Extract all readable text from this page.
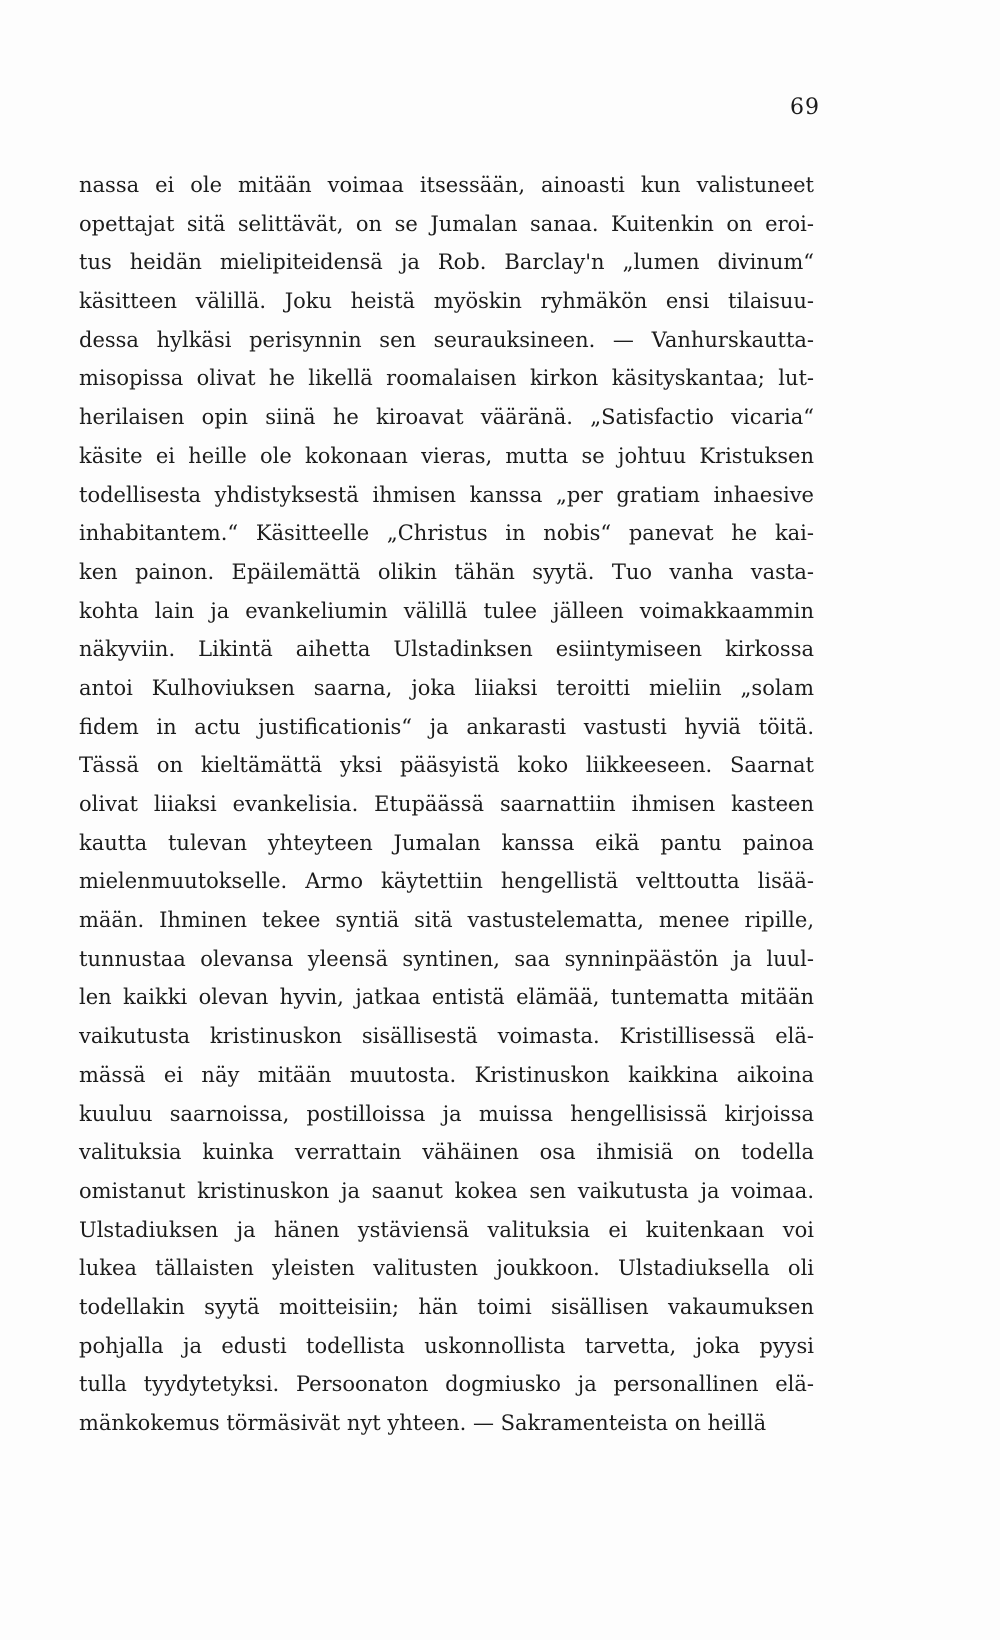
69
nassa ei ole mitään voimaa itsessään, ainoasti kun valistuneet
opettajat sitä selittävät, on se Jumalan sanaa. Kuitenkin on eroi-
tus heidän mielipiteidensä ja Rob. Barclay'n „lumen divinum“
käsitteen välillä. Joku heistä myöskin ryhmäkön ensi tilaisuu-
dessa hylkäsi perisynnin sen seurauksineen. — Vanhurskautta-
misopissa olivat he likellä roomalaisen kirkon käsityskantaa; lut-
herilaisen opin siinä he kiroavat vääränä. „Satisfactio vicaria“
käsite ei heille ole kokonaan vieras, mutta se johtuu Kristuksen
todellisesta yhdistyksestä ihmisen kanssa „per gratiam inhaesive
inhabitantem.“ Käsitteelle „Christus in nobis“ panevat he kai-
ken painon. Epäilemättä olikin tähän syytä. Tuo vanha vasta-
kohta lain ja evankeliumin välillä tulee jälleen voimakkaammin
näkyviin. Likintä aihetta Ulstadinksen esiintymiseen kirkossa
antoi Kulhoviuksen saarna, joka liiaksi teroitti mieliin „solam
fidem in actu justificationis“ ja ankarasti vastusti hyviä töitä.
Tässä on kieltämättä yksi pääsyistä koko liikkeeseen. Saarnat
olivat liiaksi evankelisia. Etupäässä saarnattiin ihmisen kasteen
kautta tulevan yhteyteen Jumalan kanssa eikä pantu painoa
mielenmuutokselle. Armo käytettiin hengellistä velttoutta lisää-
mään. Ihminen tekee syntiä sitä vastustelematta, menee ripille,
tunnustaa olevansa yleensä syntinen, saa synninpäästön ja luul-
len kaikki olevan hyvin, jatkaa entistä elämää, tuntematta mitään
vaikutusta kristinuskon sisällisestä voimasta. Kristillisessä elä-
mässä ei näy mitään muutosta. Kristinuskon kaikkina aikoina
kuuluu saarnoissa, postilloissa ja muissa hengellisissä kirjoissa
valituksia kuinka verrattain vähäinen osa ihmisiä on todella
omistanut kristinuskon ja saanut kokea sen vaikutusta ja voimaa.
Ulstadiuksen ja hänen ystäviensä valituksia ei kuitenkaan voi
lukea tällaisten yleisten valitusten joukkoon. Ulstadiuksella oli
todellakin syytä moitteisiin; hän toimi sisällisen vakaumuksen
pohjalla ja edusti todellista uskonnollista tarvetta, joka pyysi
tulla tyydytetyksi. Persoonaton dogmiusko ja personallinen elä-
mänkokemus törmäsivät nyt yhteen. — Sakramenteista on heillä
